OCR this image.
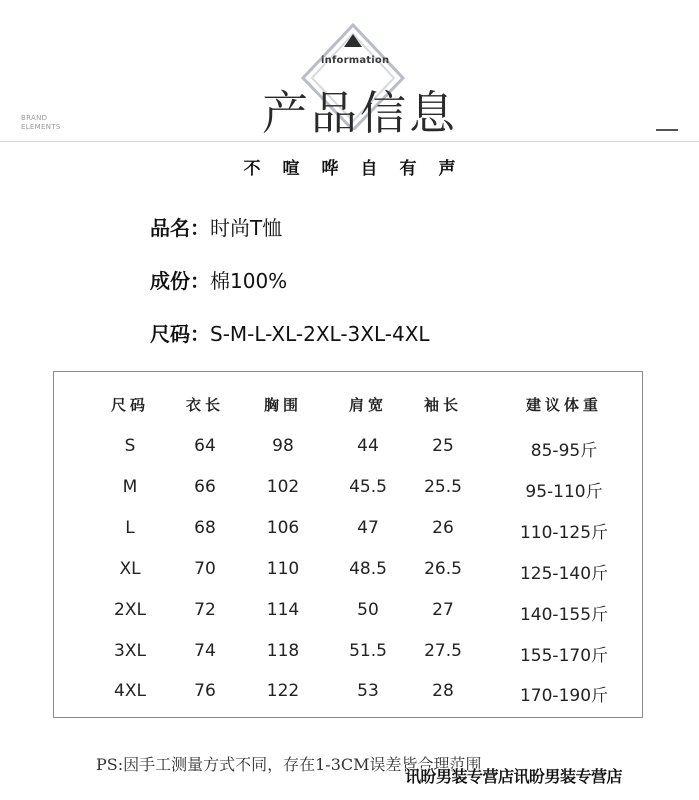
information
BRAND
ELEMENTS	产品信息
不喧哗自有声
品名：时尚T恤
成份：棉100%
尺码：S-M-L-XL-2XL-3XL-4XL
尺码 衣长	胸围	肩宽 袖长	建议体重
S	64	98	44	25	85-95斤
M	66	102	45.5 25.5	95-110斤
L	68	106	47	26	110-125斤
XL	70	110	48.5 26.5	125-140斤
2XL	72	114	50	27	140-155斤
3XL	74	118	51.5 27.5	155-170斤
4XL	76	122	53	28	170-190斤
PS:因手工测量方式不同，存在1-3CM误差皆合理范围
讯昐男装专营店讯昐男装专营店
